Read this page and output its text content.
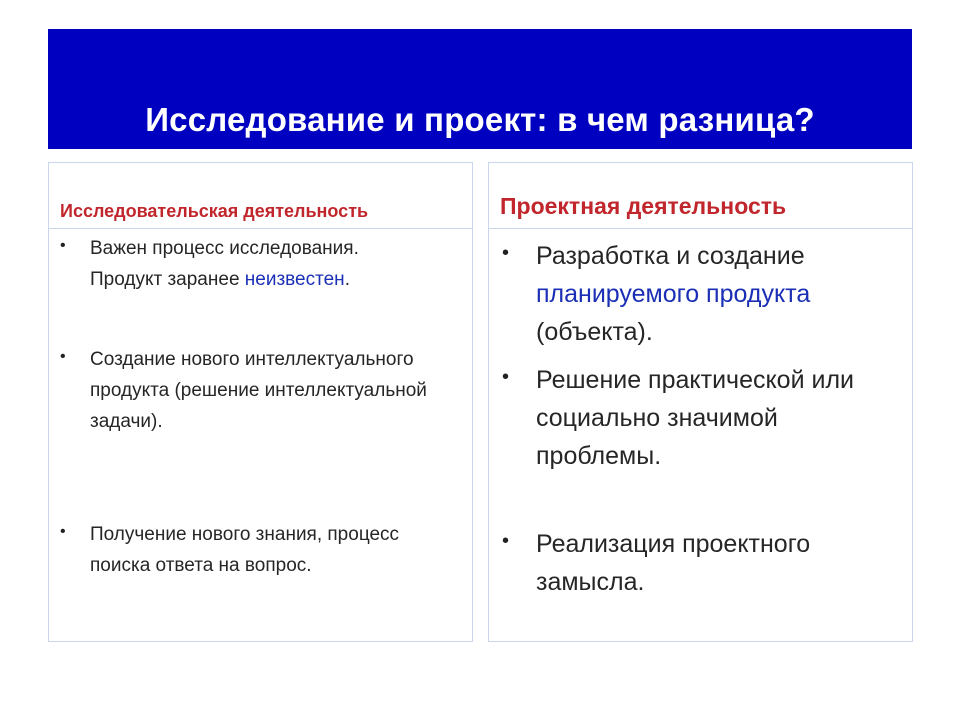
Исследование и проект: в чем разница?
Исследовательская деятельность
• Важен процесс исследования.
Продукт заранее неизвестен.
• Создание нового интеллектуального продукта (решение интеллектуальной задачи).
• Получение нового знания, процесс поиска ответа на вопрос.
Проектная деятельность
• Разработка и создание планируемого продукта (объекта).
• Решение практической или социально значимой проблемы.
• Реализация проектного замысла.
